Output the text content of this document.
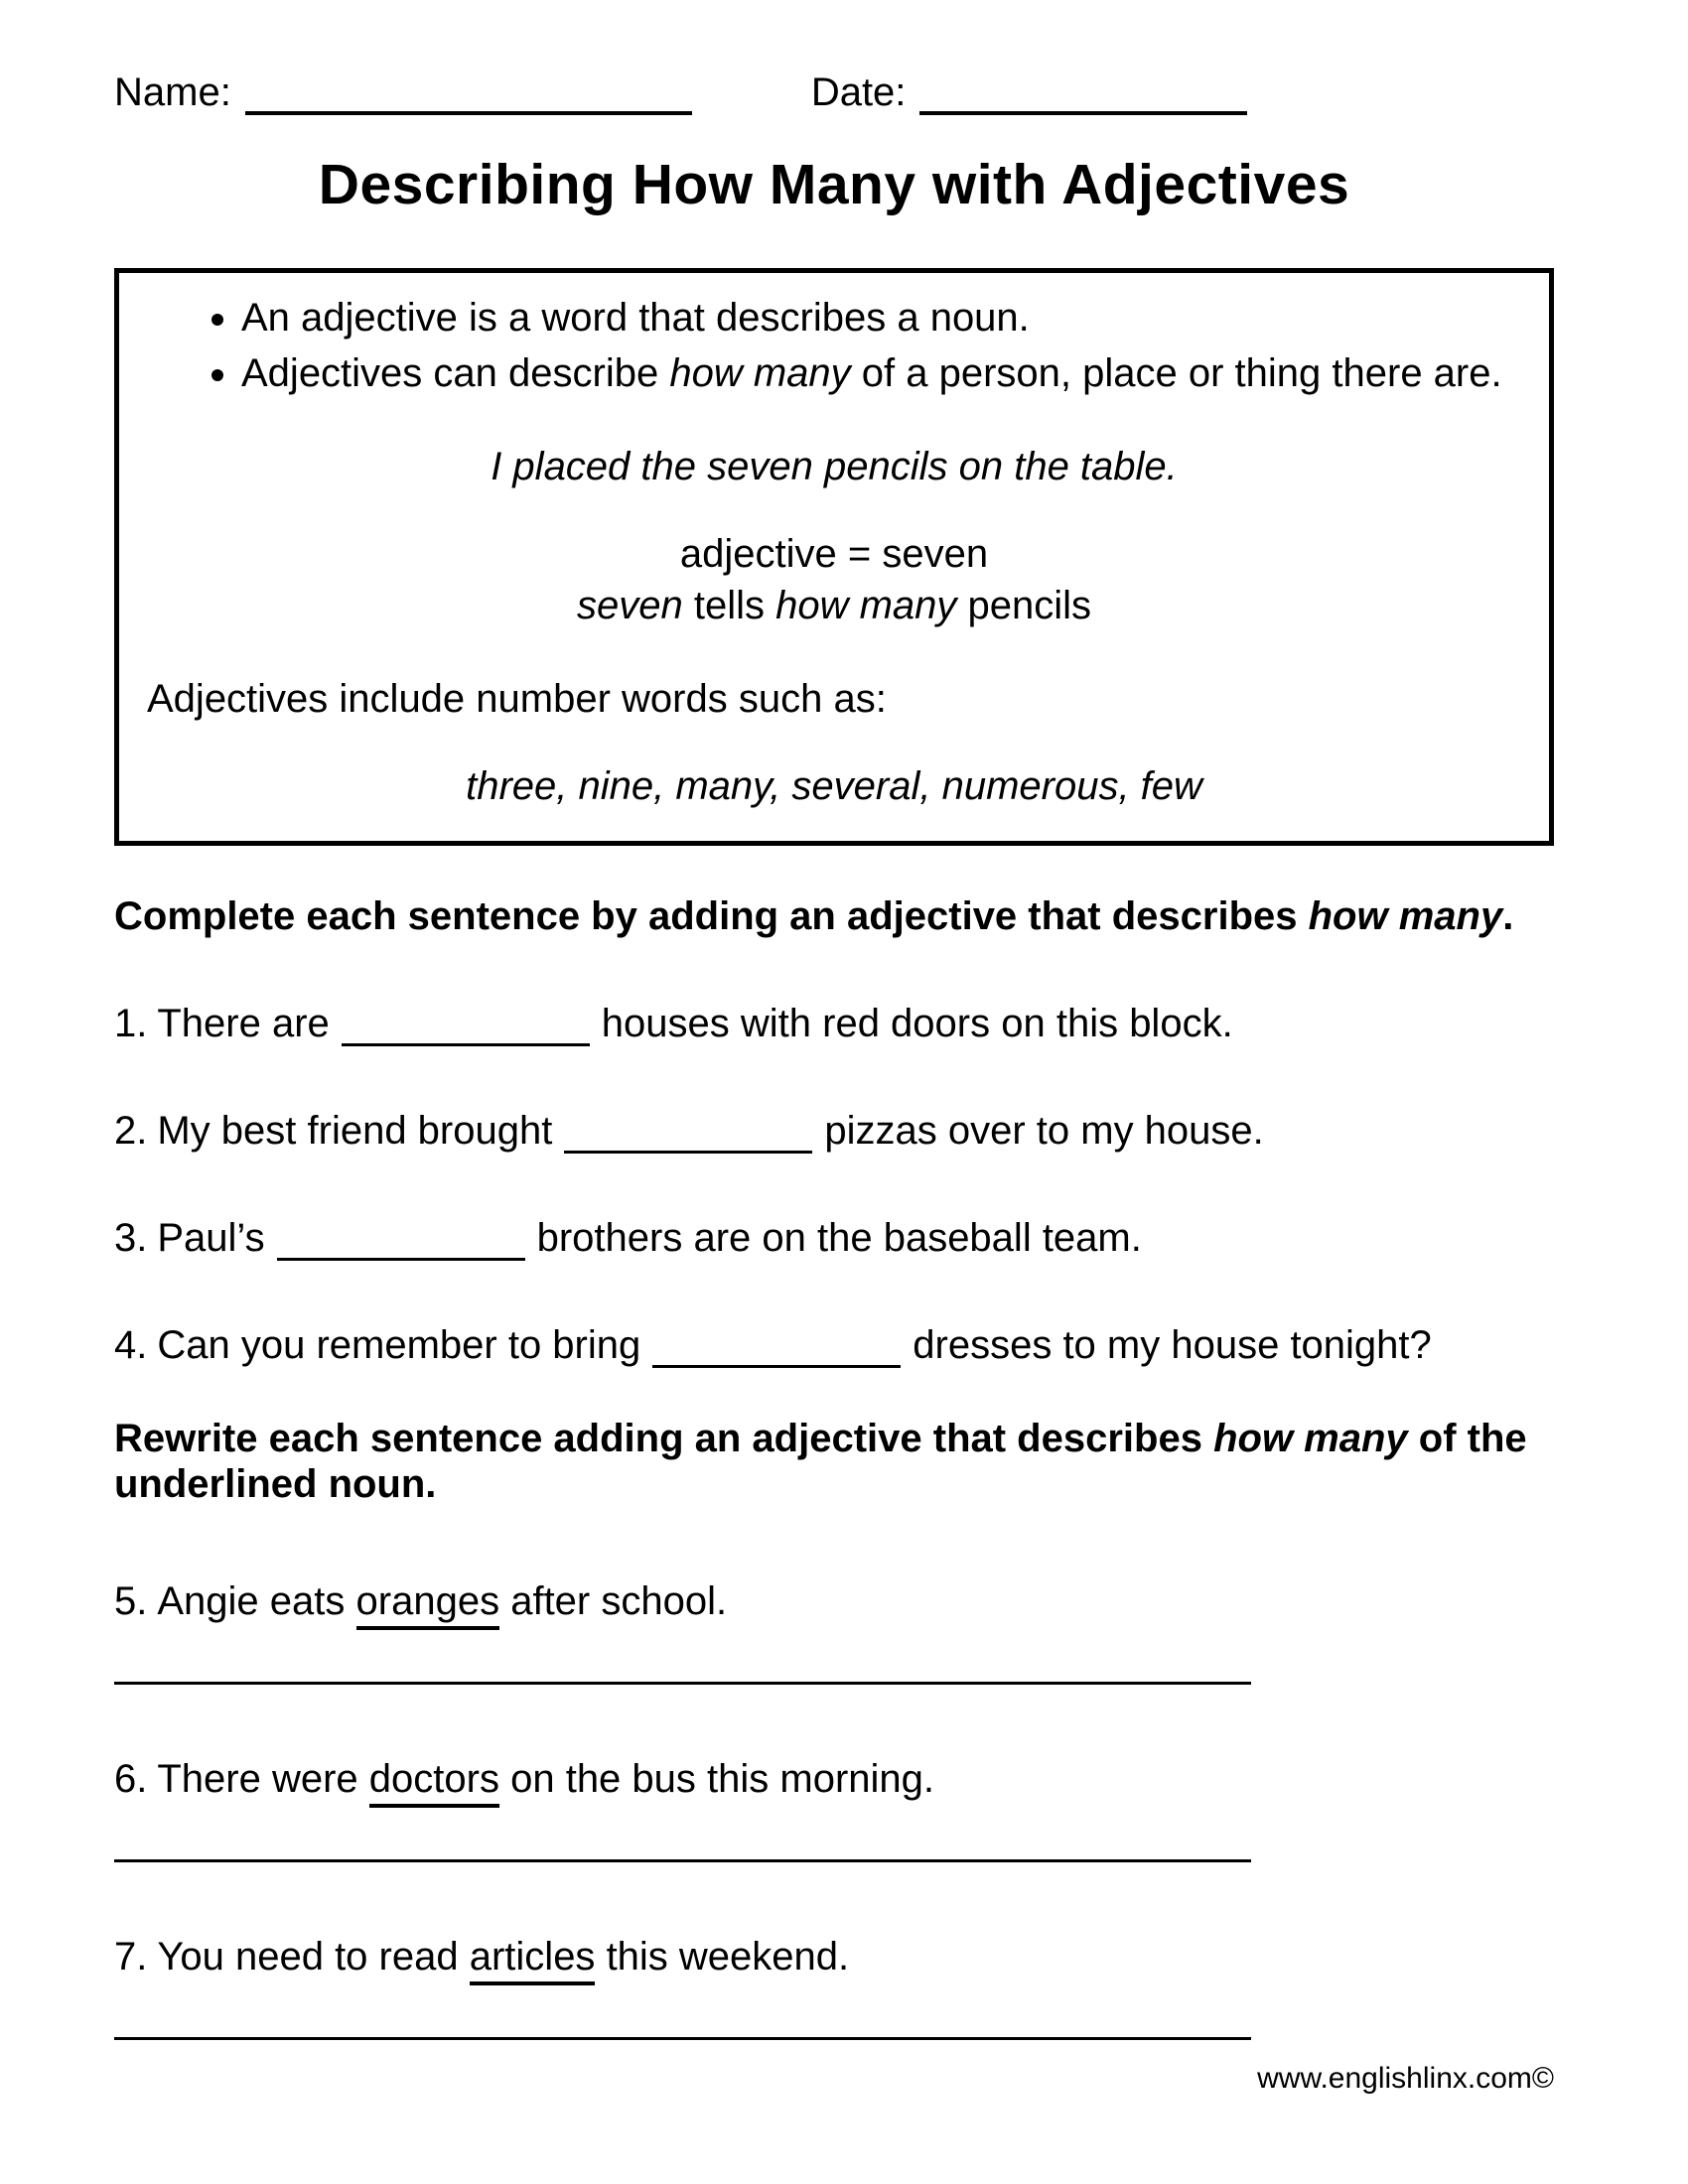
Name:	Date:
Describing How Many with Adjectives
• An adjective is a word that describes a noun.
• Adjectives can describe how many of a person, place or thing there are.
I placed the seven pencils on the table.
adjective = seven
seven tells how many pencils
Adjectives include number words such as:
three, nine, many, several, numerous, few
Complete each sentence by adding an adjective that describes how many.
1. There are	houses with red doors on this block.
2. My best friend brought	pizzas over to my house.
3. Paul’s	brothers are on the baseball team.
4. Can you remember to bring	dresses to my house tonight?
Rewrite each sentence adding an adjective that describes how many of the underlined noun.
5. Angie eats oranges after school.
6. There were doctors on the bus this morning.
7. You need to read articles this weekend.
www.englishlinx.com©
